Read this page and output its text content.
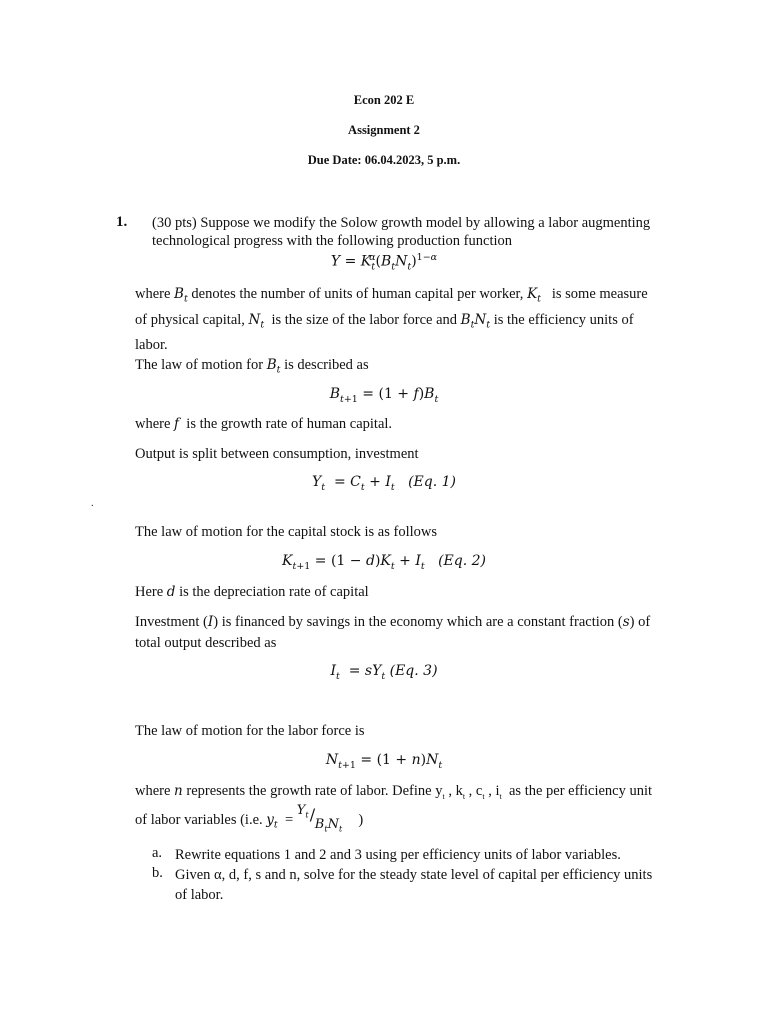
Econ 202 E
Assignment 2
Due Date: 06.04.2023, 5 p.m.
1. (30 pts) Suppose we modify the Solow growth model by allowing a labor augmenting
technological progress with the following production function
$Y = K_t^\alpha(B_tN_t)^{1-\alpha}$
where $B_t$ denotes the number of units of human capital per worker, $K_t$ is some measure
of physical capital, $N_t$ is the size of the labor force and $B_tN_t$ is the efficiency units of
labor.
The law of motion for $B_t$ is described as
$B_{t+1} = (1 + f)B_t$
where f is the growth rate of human capital.
Output is split between consumption, investment
$Y_t = C_t + I_t$ (Eq. 1)
.
The law of motion for the capital stock is as follows
$K_{t+1} = (1 - d)K_t + I_t$ (Eq. 2)
Here d is the depreciation rate of capital
Investment (I) is financed by savings in the economy which are a constant fraction (s) of
total output described as
$I_t = sY_t$ (Eq. 3)
The law of motion for the labor force is
$N_{t+1} = (1 + n)N_t$
where n represents the growth rate of labor. Define $y_t$ , $k_t$ , $c_t$ , $i_t$ as the per efficiency unit
of labor variables (i.e. $y_t$  =
$Y_t$ /
$B_tN_t$
)
a. Rewrite equations 1 and 2 and 3 using per efficiency units of labor variables.
b. Given α, d, f, s and n, solve for the steady state level of capital per efficiency units
of labor.
